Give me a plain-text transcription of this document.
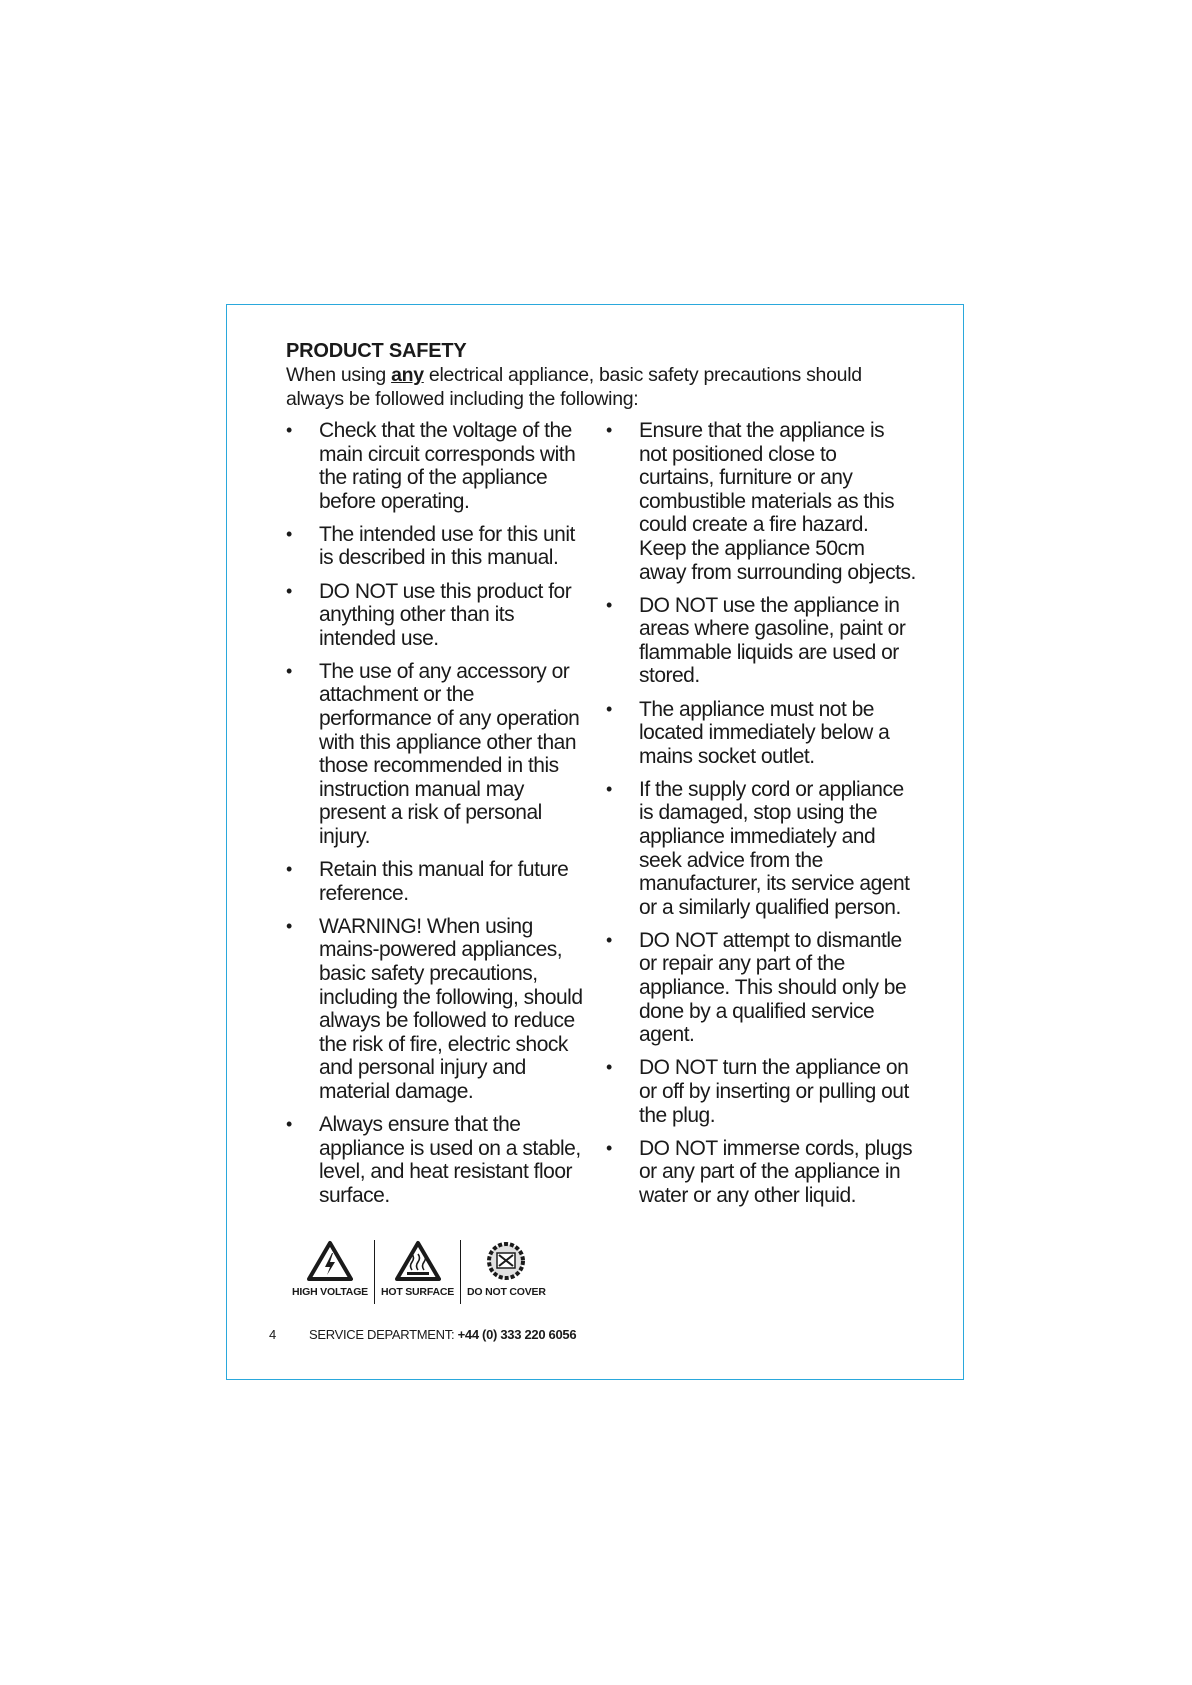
PRODUCT SAFETY
When using any electrical appliance, basic safety precautions should always be followed including the following:
• Check that the voltage of the main circuit corresponds with the rating of the appliance before operating.
• The intended use for this unit is described in this manual.
• DO NOT use this product for anything other than its intended use.
• The use of any accessory or attachment or the performance of any operation with this appliance other than those recommended in this instruction manual may present a risk of personal injury.
• Retain this manual for future reference.
• WARNING! When using mains-powered appliances, basic safety precautions, including the following, should always be followed to reduce the risk of fire, electric shock and personal injury and material damage.
• Always ensure that the appliance is used on a stable, level, and heat resistant floor surface.
• Ensure that the appliance is not positioned close to curtains, furniture or any combustible materials as this could create a fire hazard. Keep the appliance 50cm away from surrounding objects.
• DO NOT use the appliance in areas where gasoline, paint or flammable liquids are used or stored.
• The appliance must not be located immediately below a mains socket outlet.
• If the supply cord or appliance is damaged, stop using the appliance immediately and seek advice from the manufacturer, its service agent or a similarly qualified person.
• DO NOT attempt to dismantle or repair any part of the appliance. This should only be done by a qualified service agent.
• DO NOT turn the appliance on or off by inserting or pulling out the plug.
• DO NOT immerse cords, plugs or any part of the appliance in water or any other liquid.
HIGH VOLTAGE HOT SURFACE DO NOT COVER
4	SERVICE DEPARTMENT: +44 (0) 333 220 6056
